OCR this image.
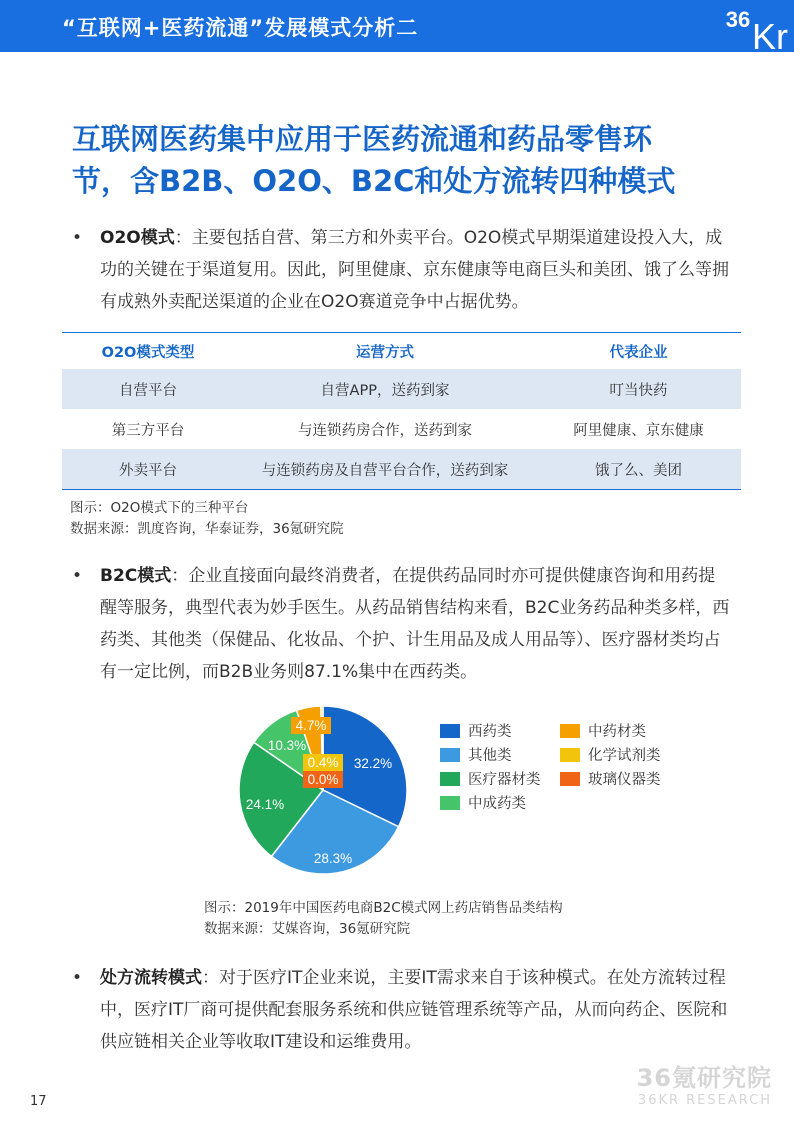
“互联网+医药流通”发展模式分析二	36 Kr
互联网医药集中应用于医药流通和药品零售环
节，含B2B、O2O、B2C和处方流转四种模式
• O2O模式：主要包括自营、第三方和外卖平台。O2O模式早期渠道建设投入大，成功的关键在于渠道复用。因此，阿里健康、京东健康等电商巨头和美团、饿了么等拥有成熟外卖配送渠道的企业在O2O赛道竞争中占据优势。
O2O模式类型	运营方式	代表企业
自营平台	自营APP，送药到家	叮当快药
第三方平台	与连锁药房合作，送药到家	阿里健康、京东健康
外卖平台	与连锁药房及自营平台合作，送药到家	饿了么、美团
图示：O2O模式下的三种平台
数据来源：凯度咨询，华泰证券，36氪研究院
• B2C模式：企业直接面向最终消费者，在提供药品同时亦可提供健康咨询和用药提醒等服务，典型代表为妙手医生。从药品销售结构来看，B2C业务药品种类多样，西药类、其他类（保健品、化妆品、个护、计生用品及成人用品等）、医疗器材类均占有一定比例，而B2B业务则87.1%集中在西药类。
32.2%
28.3%
24.1%
10.3%
4.7%
0.4%
0.0%
西药类
其他类
医疗器材类
中成药类
中药材类
化学试剂类
玻璃仪器类
图示：2019年中国医药电商B2C模式网上药店销售品类结构
数据来源：艾媒咨询，36氪研究院
• 处方流转模式：对于医疗IT企业来说，主要IT需求来自于该种模式。在处方流转过程中，医疗IT厂商可提供配套服务系统和供应链管理系统等产品，从而向药企、医院和供应链相关企业等收取IT建设和运维费用。
36氪研究院
36KR RESEARCH
17
